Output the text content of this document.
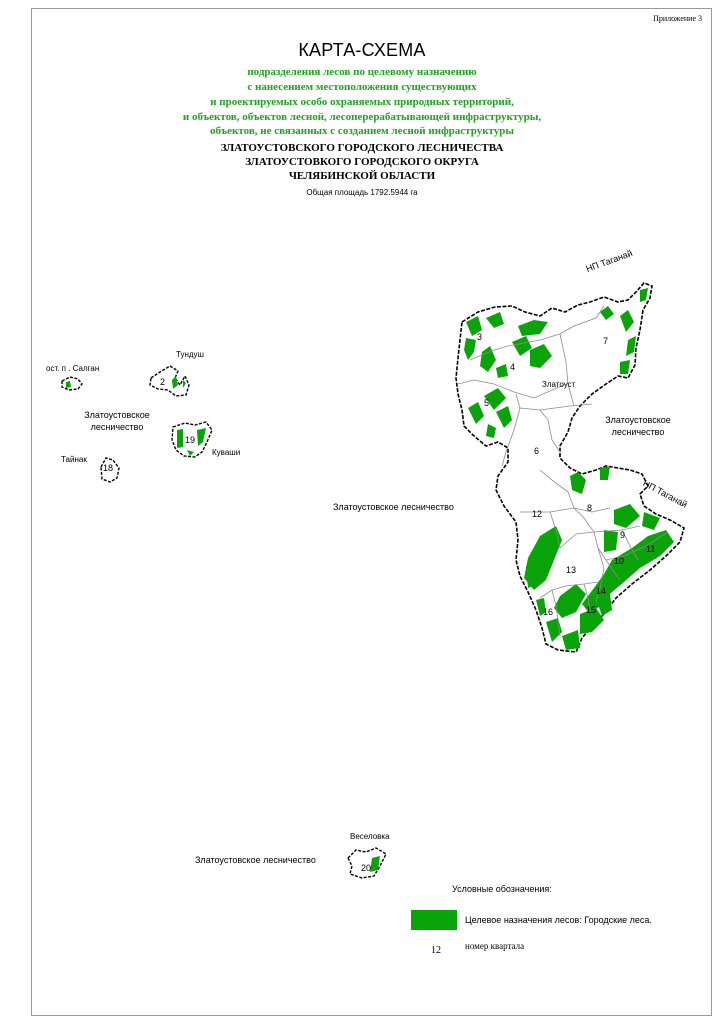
Приложение 3
КАРТА-СХЕМА
подразделения лесов по целевому назначению
с нанесением местоположения существующих
и проектируемых особо охраняемых природных территорий,
и объектов, объектов лесной, лесоперерабатывающей инфраструктуры,
объектов, не связанных с созданием лесной инфраструктуры
ЗЛАТОУСТОВСКОГО ГОРОДСКОГО ЛЕСНИЧЕСТВА
ЗЛАТОУСТОВКОГО ГОРОДСКОГО ОКРУГА
ЧЕЛЯБИНСКОЙ ОБЛАСТИ
Общая площадь 1792.5944 га
Тундуш
ост. п . Салган
Златоустовское
лесничество
Тайнак
Куваши
Златоустовское лесничество
Златоустовское
лесничество
Златоуст
НП Таганай
НП Таганай
Веселовка
Златоустовское лесничество
2
3
4
5
6
7
8
9
10
11
12
13
14
15
16
18
19
20
Условные обозначения:
Целевое назначения лесов: Городские леса.
12	номер квартала
